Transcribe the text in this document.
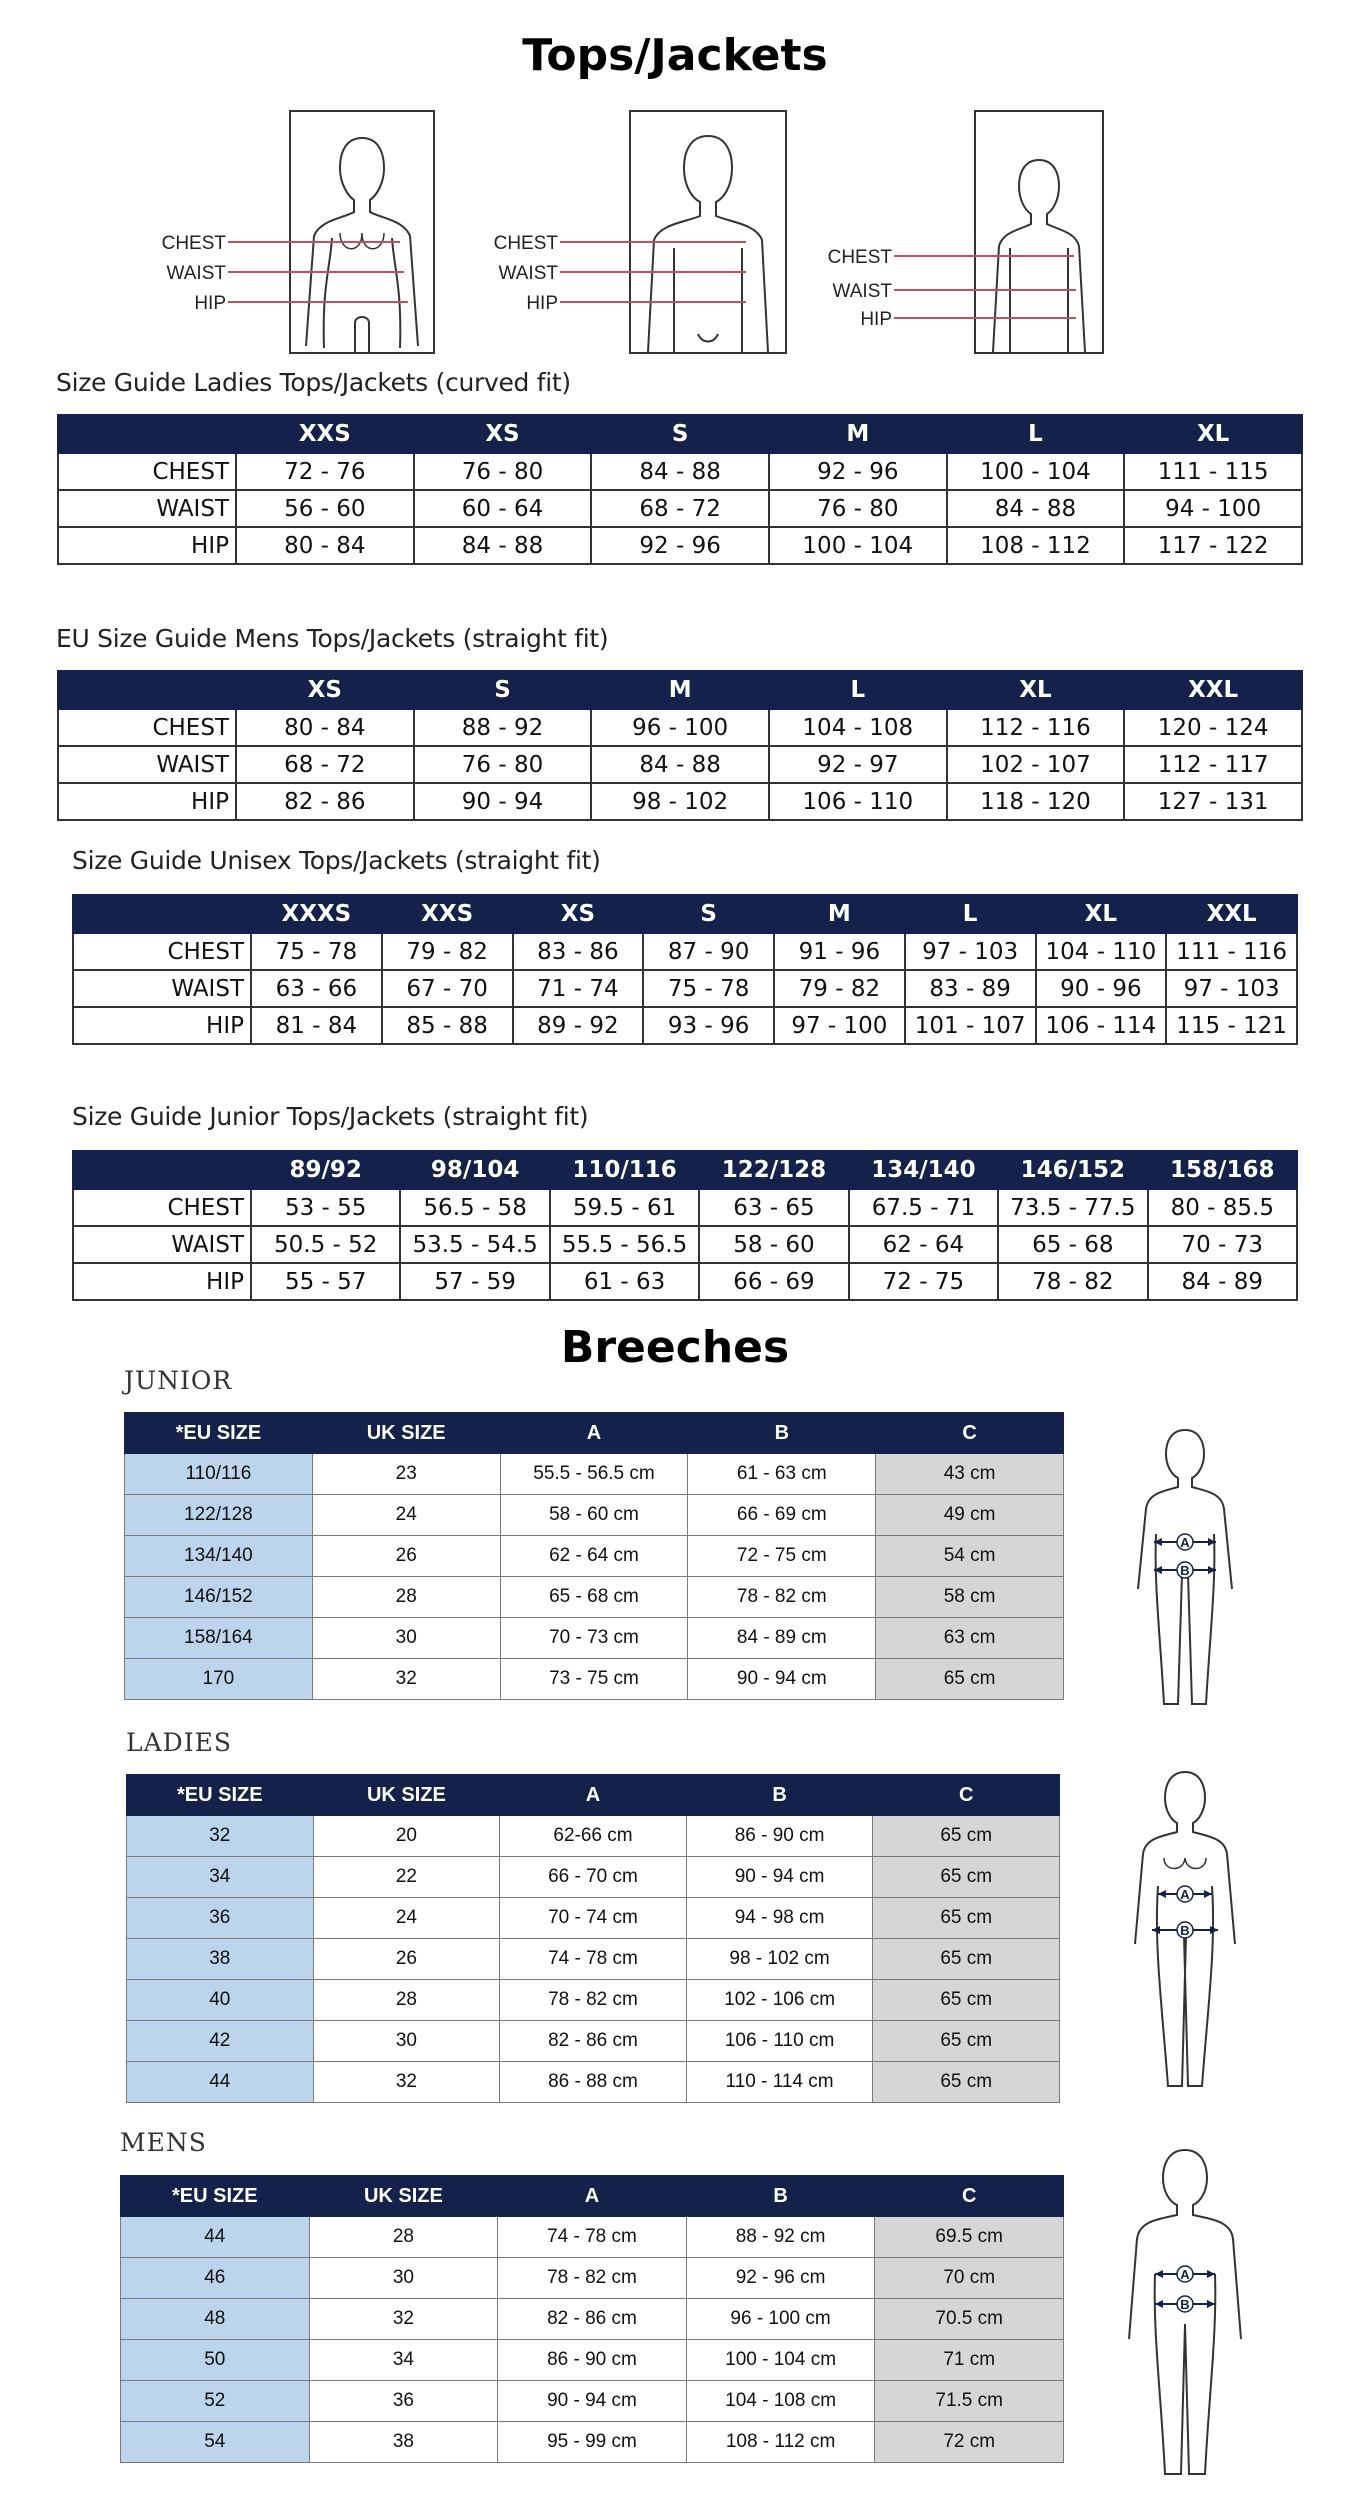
Tops/Jackets
CHEST
WAIST
HIP
CHEST
WAIST
HIP
CHEST
WAIST
HIP
Size Guide Ladies Tops/Jackets (curved fit)
	XXS	XS	S	M	L	XL
CHEST	72 - 76	76 - 80	84 - 88	92 - 96	100 - 104	111 - 115
WAIST	56 - 60	60 - 64	68 - 72	76 - 80	84 - 88	94 - 100
HIP	80 - 84	84 - 88	92 - 96	100 - 104	108 - 112	117 - 122
EU Size Guide Mens Tops/Jackets (straight fit)
	XS	S	M	L	XL	XXL
CHEST	80 - 84	88 - 92	96 - 100	104 - 108	112 - 116	120 - 124
WAIST	68 - 72	76 - 80	84 - 88	92 - 97	102 - 107	112 - 117
HIP	82 - 86	90 - 94	98 - 102	106 - 110	118 - 120	127 - 131
Size Guide Unisex Tops/Jackets (straight fit)
	XXXS	XXS	XS	S	M	L	XL	XXL
CHEST	75 - 78	79 - 82	83 - 86	87 - 90	91 - 96	97 - 103	104 - 110	111 - 116
WAIST	63 - 66	67 - 70	71 - 74	75 - 78	79 - 82	83 - 89	90 - 96	97 - 103
HIP	81 - 84	85 - 88	89 - 92	93 - 96	97 - 100	101 - 107	106 - 114	115 - 121
Size Guide Junior Tops/Jackets (straight fit)
	89/92	98/104	110/116	122/128	134/140	146/152	158/168
CHEST	53 - 55	56.5 - 58	59.5 - 61	63 - 65	67.5 - 71	73.5 - 77.5	80 - 85.5
WAIST	50.5 - 52	53.5 - 54.5	55.5 - 56.5	58 - 60	62 - 64	65 - 68	70 - 73
HIP	55 - 57	57 - 59	61 - 63	66 - 69	72 - 75	78 - 82	84 - 89
Breeches
JUNIOR
*EU SIZE	UK SIZE	A	B	C
110/116	23	55.5 - 56.5 cm	61 - 63 cm	43 cm
122/128	24	58 - 60 cm	66 - 69 cm	49 cm
134/140	26	62 - 64 cm	72 - 75 cm	54 cm
146/152	28	65 - 68 cm	78 - 82 cm	58 cm
158/164	30	70 - 73 cm	84 - 89 cm	63 cm
170	32	73 - 75 cm	90 - 94 cm	65 cm
LADIES
*EU SIZE	UK SIZE	A	B	C
32	20	62-66 cm	86 - 90 cm	65 cm
34	22	66 - 70 cm	90 - 94 cm	65 cm
36	24	70 - 74 cm	94 - 98 cm	65 cm
38	26	74 - 78 cm	98 - 102 cm	65 cm
40	28	78 - 82 cm	102 - 106 cm	65 cm
42	30	82 - 86 cm	106 - 110 cm	65 cm
44	32	86 - 88 cm	110 - 114 cm	65 cm
MENS
*EU SIZE	UK SIZE	A	B	C
44	28	74 - 78 cm	88 - 92 cm	69.5 cm
46	30	78 - 82 cm	92 - 96 cm	70 cm
48	32	82 - 86 cm	96 - 100 cm	70.5 cm
50	34	86 - 90 cm	100 - 104 cm	71 cm
52	36	90 - 94 cm	104 - 108 cm	71.5 cm
54	38	95 - 99 cm	108 - 112 cm	72 cm
A
B
A
B
A
B
